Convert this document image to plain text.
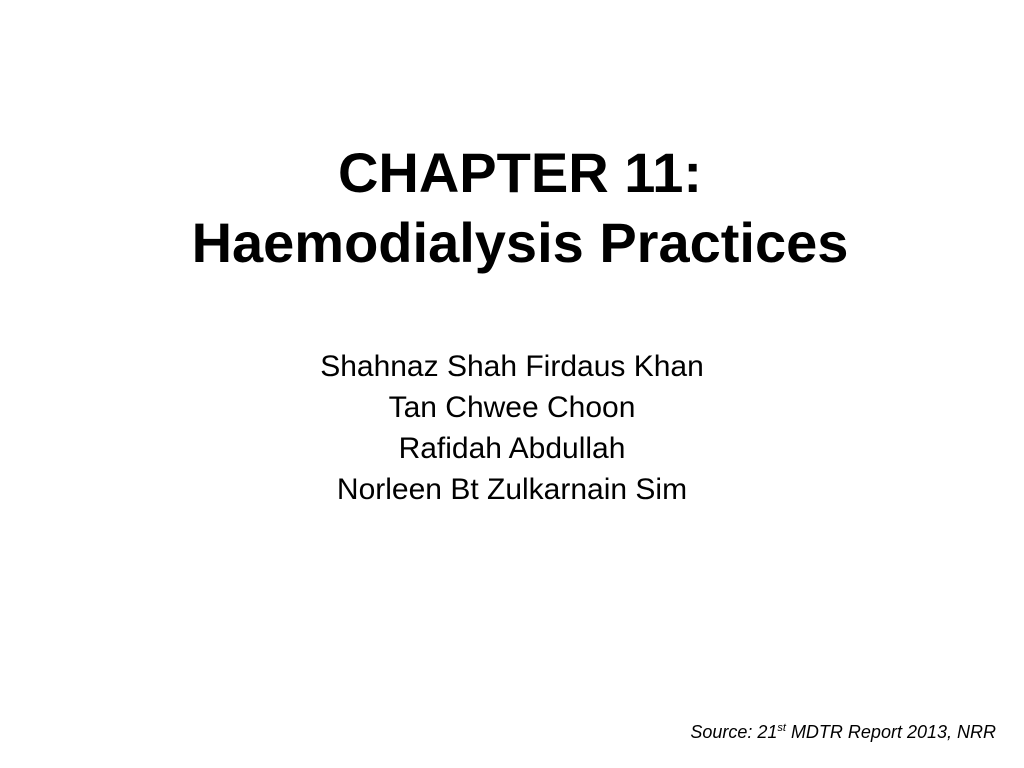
CHAPTER 11:
Haemodialysis Practices
Shahnaz Shah Firdaus Khan
Tan Chwee Choon
Rafidah Abdullah
Norleen Bt Zulkarnain Sim
Source: 21st MDTR Report 2013, NRR
